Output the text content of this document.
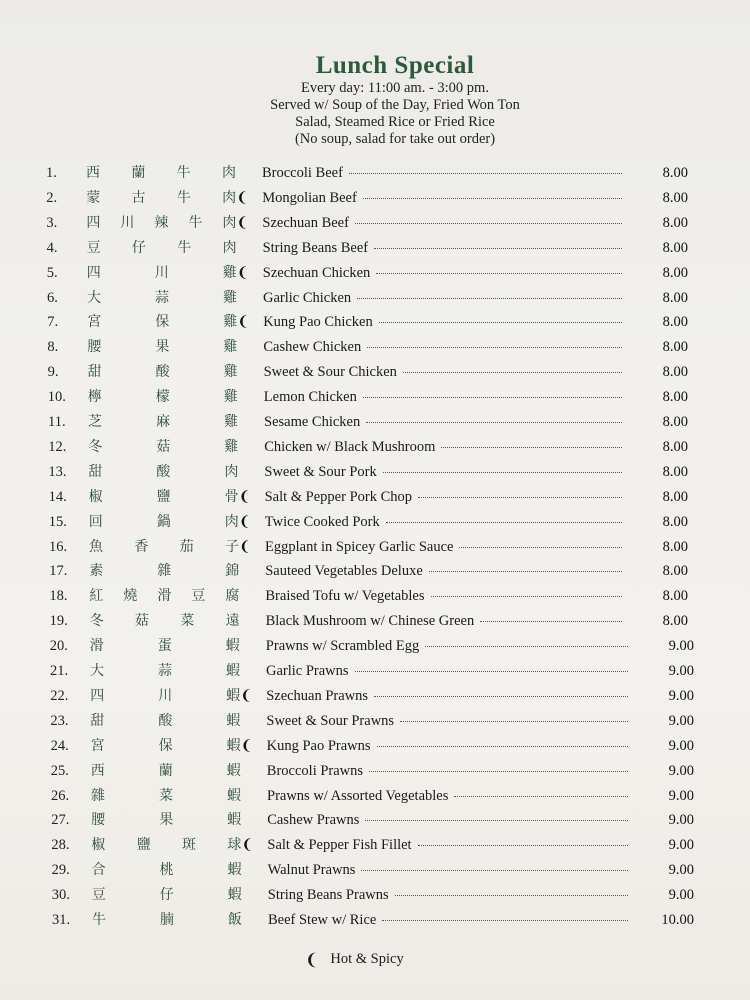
Lunch Special
Every day: 11:00 am. - 3:00 pm.
Served w/ Soup of the Day, Fried Won Ton
Salad, Steamed Rice or Fried Rice
(No soup, salad for take out order)
1.	西 蘭 牛 肉	Broccoli Beef	8.00
2.	蒙 古 牛 肉 ❨ Mongolian Beef	8.00
3.	四 川 辣 牛 肉 ❨ Szechuan Beef	8.00
4.	豆 仔 牛 肉	String Beans Beef	8.00
5.	四	川	雞 ❨ Szechuan Chicken	8.00
6.	大	蒜	雞	Garlic Chicken	8.00
7.	宮	保	雞 ❨ Kung Pao Chicken	8.00
8.	腰	果	雞	Cashew Chicken	8.00
9.	甜	酸	雞	Sweet & Sour Chicken	8.00
10.	檸	檬	雞	Lemon Chicken	8.00
11.	芝	麻	雞	Sesame Chicken	8.00
12.	冬	菇	雞	Chicken w/ Black Mushroom	8.00
13.	甜	酸	肉	Sweet & Sour Pork	8.00
14.	椒	鹽	骨 ❨ Salt & Pepper Pork Chop	8.00
15.	回	鍋	肉 ❨ Twice Cooked Pork	8.00
16.	魚 香 茄 子 ❨ Eggplant in Spicey Garlic Sauce	8.00
17.	素	雜	錦	Sauteed Vegetables Deluxe	8.00
18.	紅 燒 滑 豆 腐	Braised Tofu w/ Vegetables	8.00
19.	冬 菇 菜 遠	Black Mushroom w/ Chinese Green	8.00
20.	滑	蛋	蝦	Prawns w/ Scrambled Egg	9.00
21.	大	蒜	蝦	Garlic Prawns	9.00
22.	四	川	蝦 ❨ Szechuan Prawns	9.00
23.	甜	酸	蝦	Sweet & Sour Prawns	9.00
24.	宮	保	蝦 ❨ Kung Pao Prawns	9.00
25.	西	蘭	蝦	Broccoli Prawns	9.00
26.	雜	菜	蝦	Prawns w/ Assorted Vegetables	9.00
27.	腰	果	蝦	Cashew Prawns	9.00
28.	椒 鹽 斑 球 ❨ Salt & Pepper Fish Fillet	9.00
29.	合	桃	蝦	Walnut Prawns	9.00
30.	豆	仔	蝦	String Beans Prawns	9.00
31.	牛	腩	飯	Beef Stew w/ Rice	10.00
❨ Hot & Spicy
